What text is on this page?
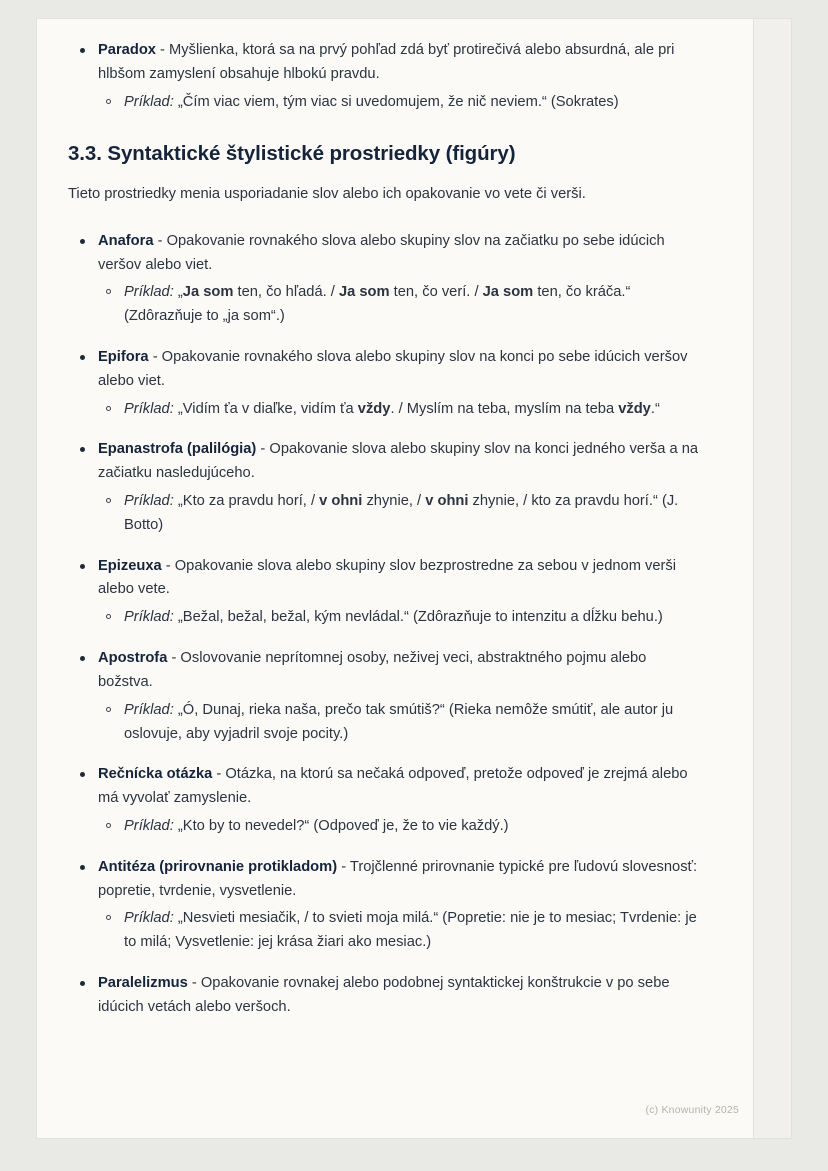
Paradox - Myšlienka, ktorá sa na prvý pohľad zdá byť protirečivá alebo absurdná, ale pri hlbšom zamyslení obsahuje hlbokú pravdu.
Príklad: „Čím viac viem, tým viac si uvedomujem, že nič neviem.“ (Sokrates)
3.3. Syntaktické štylistické prostriedky (figúry)

Tieto prostriedky menia usporiadanie slov alebo ich opakovanie vo vete či verši.

Anafora - Opakovanie rovnakého slova alebo skupiny slov na začiatku po sebe idúcich veršov alebo viet.
Príklad: „Ja som ten, čo hľadá. / Ja som ten, čo verí. / Ja som ten, čo kráča.“ (Zdôrazňuje to „ja som“.)
Epifora - Opakovanie rovnakého slova alebo skupiny slov na konci po sebe idúcich veršov alebo viet.
Príklad: „Vidím ťa v diaľke, vidím ťa vždy. / Myslím na teba, myslím na teba vždy.“
Epanastrofa (palilógia) - Opakovanie slova alebo skupiny slov na konci jedného verša a na začiatku nasledujúceho.
Príklad: „Kto za pravdu horí, / v ohni zhynie, / v ohni zhynie, / kto za pravdu horí.“ (J. Botto)
Epizeuxa - Opakovanie slova alebo skupiny slov bezprostredne za sebou v jednom verši alebo vete.
Príklad: „Bežal, bežal, bežal, kým nevládal.“ (Zdôrazňuje to intenzitu a dĺžku behu.)
Apostrofa - Oslovovanie neprítomnej osoby, neživej veci, abstraktného pojmu alebo božstva.
Príklad: „Ó, Dunaj, rieka naša, prečo tak smútiš?“ (Rieka nemôže smútiť, ale autor ju oslovuje, aby vyjadril svoje pocity.)
Rečnícka otázka - Otázka, na ktorú sa nečaká odpoveď, pretože odpoveď je zrejmá alebo má vyvolať zamyslenie.
Príklad: „Kto by to nevedel?“ (Odpoveď je, že to vie každý.)
Antitéza (prirovnanie protikladom) - Trojčlenné prirovnanie typické pre ľudovú slovesnosť: popretie, tvrdenie, vysvetlenie.
Príklad: „Nesvieti mesiačik, / to svieti moja milá.“ (Popretie: nie je to mesiac; Tvrdenie: je to milá; Vysvetlenie: jej krása žiari ako mesiac.)
Paralelizmus - Opakovanie rovnakej alebo podobnej syntaktickej konštrukcie v po sebe idúcich vetách alebo veršoch.
(c) Knowunity 2025
